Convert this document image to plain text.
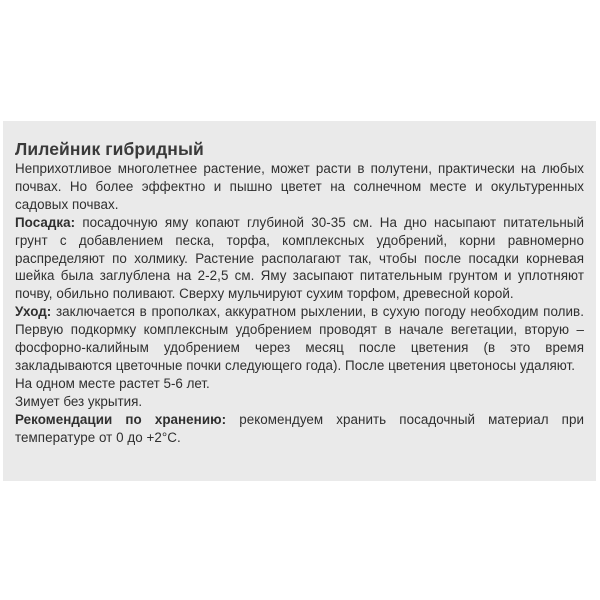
Лилейник гибридный

Неприхотливое многолетнее растение, может расти в полутени, практически на любых почвах. Но более эффектно и пышно цветет на солнечном месте и окультуренных садовых почвах.

Посадка: посадочную яму копают глубиной 30-35 см. На дно насыпают питательный грунт с добавлением песка, торфа, комплексных удобрений, корни равномерно распределяют по холмику. Растение располагают так, чтобы после посадки корневая шейка была заглублена на 2-2,5 см. Яму засыпают питательным грунтом и уплотняют почву, обильно поливают. Сверху мульчируют сухим торфом, древесной корой.

Уход: заключается в прополках, аккуратном рыхлении, в сухую погоду необходим полив. Первую подкормку комплексным удобрением проводят в начале вегетации, вторую – фосфорно-калийным удобрением через месяц после цветения (в это время закладываются цветочные почки следующего года). После цветения цветоносы удаляют.

На одном месте растет 5-6 лет.

Зимует без укрытия.

Рекомендации по хранению: рекомендуем хранить посадочный материал при температуре от 0 до +2°С.
